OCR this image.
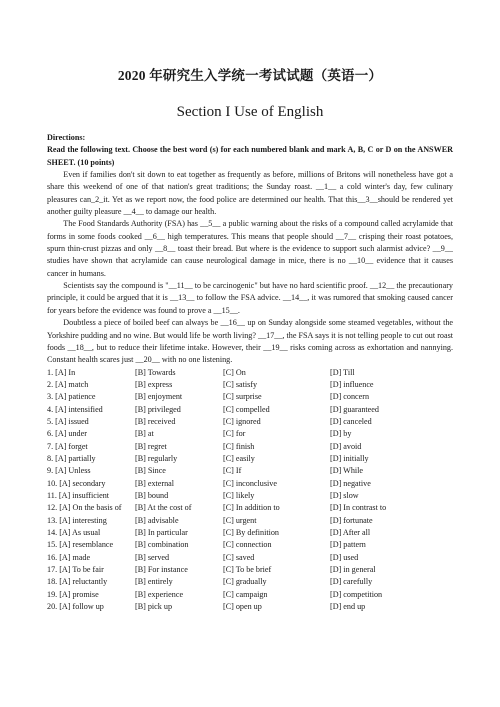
2020 年研究生入学统一考试试题（英语一）
Section I Use of English

Directions:

Read the following text. Choose the best word (s) for each numbered blank and mark A, B, C or D on the ANSWER SHEET. (10 points)

Even if families don't sit down to eat together as frequently as before, millions of Britons will nonetheless have got a share this weekend of one of that nation's great traditions; the Sunday roast. __1__ a cold winter's day, few culinary pleasures can_2_it. Yet as we report now, the food police are determined our health. That this__3__should be rendered yet another guilty pleasure __4__ to damage our health.

The Food Standards Authority (FSA) has __5__ a public warning about the risks of a compound called acrylamide that forms in some foods cooked __6__ high temperatures. This means that people should __7__ crisping their roast potatoes, spurn thin-crust pizzas and only __8__ toast their bread. But where is the evidence to support such alarmist advice? __9__ studies have shown that acrylamide can cause neurological damage in mice, there is no __10__ evidence that it causes cancer in humans.

Scientists say the compound is "__11__ to be carcinogenic" but have no hard scientific proof. __12__ the precautionary principle, it could be argued that it is __13__ to follow the FSA advice. __14__, it was rumored that smoking caused cancer for years before the evidence was found to prove a __15__.

Doubtless a piece of boiled beef can always be __16__ up on Sunday alongside some steamed vegetables, without the Yorkshire pudding and no wine. But would life be worth living? __17__, the FSA says it is not telling people to cut out roast foods __18__, but to reduce their lifetime intake. However, their __19__ risks coming across as exhortation and nannying. Constant health scares just __20__ with no one listening.

1. [A] In	[B] Towards	[C] On	[D] Till
2. [A] match	[B] express	[C] satisfy	[D] influence
3. [A] patience	[B] enjoyment	[C] surprise	[D] concern
4. [A] intensified	[B] privileged	[C] compelled	[D] guaranteed
5. [A] issued	[B] received	[C] ignored	[D] canceled
6. [A] under	[B] at	[C] for	[D] by
7. [A] forget	[B] regret	[C] finish	[D] avoid
8. [A] partially	[B] regularly	[C] easily	[D] initially
9. [A] Unless	[B] Since	[C] If	[D] While
10. [A] secondary	[B] external	[C] inconclusive	[D] negative
11. [A] insufficient	[B] bound	[C] likely	[D] slow
12. [A] On the basis of	[B] At the cost of	[C] In addition to	[D] In contrast to
13. [A] interesting	[B] advisable	[C] urgent	[D] fortunate
14. [A] As usual	[B] In particular	[C] By definition	[D] After all
15. [A] resemblance	[B] combination	[C] connection	[D] pattern
16. [A] made	[B] served	[C] saved	[D] used
17. [A] To be fair	[B] For instance	[C] To be brief	[D] in general
18. [A] reluctantly	[B] entirely	[C] gradually	[D] carefully
19. [A] promise	[B] experience	[C] campaign	[D] competition
20. [A] follow up	[B] pick up	[C] open up	[D] end up
